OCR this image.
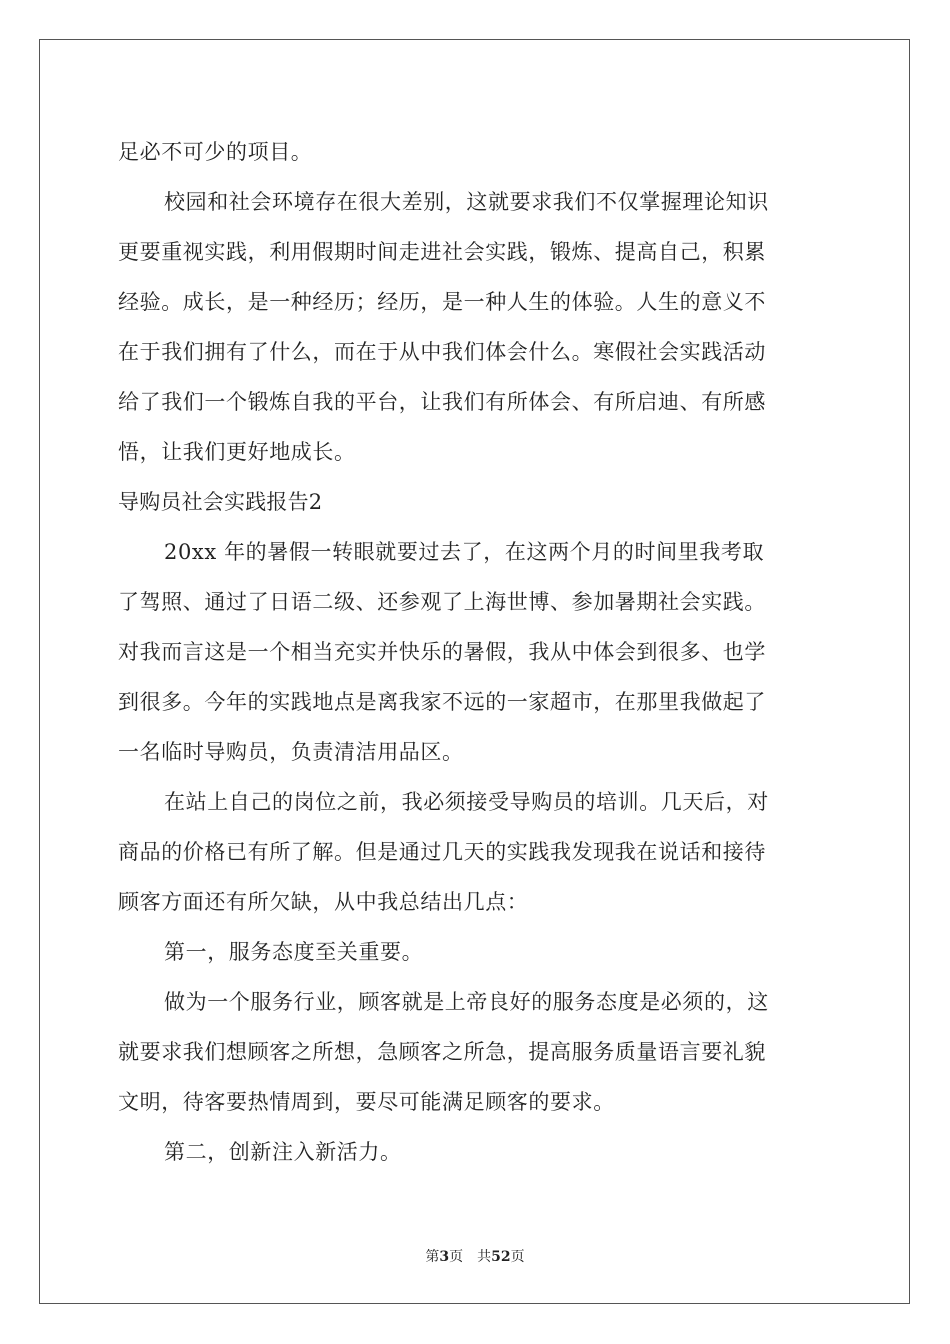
足必不可少的项目。
校园和社会环境存在很大差别，这就要求我们不仅掌握理论知识
更要重视实践，利用假期时间走进社会实践，锻炼、提高自己，积累
经验。成长，是一种经历；经历，是一种人生的体验。人生的意义不
在于我们拥有了什么，而在于从中我们体会什么。寒假社会实践活动
给了我们一个锻炼自我的平台，让我们有所体会、有所启迪、有所感
悟，让我们更好地成长。
导购员社会实践报告2
20xx 年的暑假一转眼就要过去了，在这两个月的时间里我考取
了驾照、通过了日语二级、还参观了上海世博、参加暑期社会实践。
对我而言这是一个相当充实并快乐的暑假，我从中体会到很多、也学
到很多。今年的实践地点是离我家不远的一家超市，在那里我做起了
一名临时导购员，负责清洁用品区。
在站上自己的岗位之前，我必须接受导购员的培训。几天后，对
商品的价格已有所了解。但是通过几天的实践我发现我在说话和接待
顾客方面还有所欠缺，从中我总结出几点：
第一，服务态度至关重要。
做为一个服务行业，顾客就是上帝良好的服务态度是必须的，这
就要求我们想顾客之所想，急顾客之所急，提高服务质量语言要礼貌
文明，待客要热情周到，要尽可能满足顾客的要求。
第二，创新注入新活力。
第3页　共52页
